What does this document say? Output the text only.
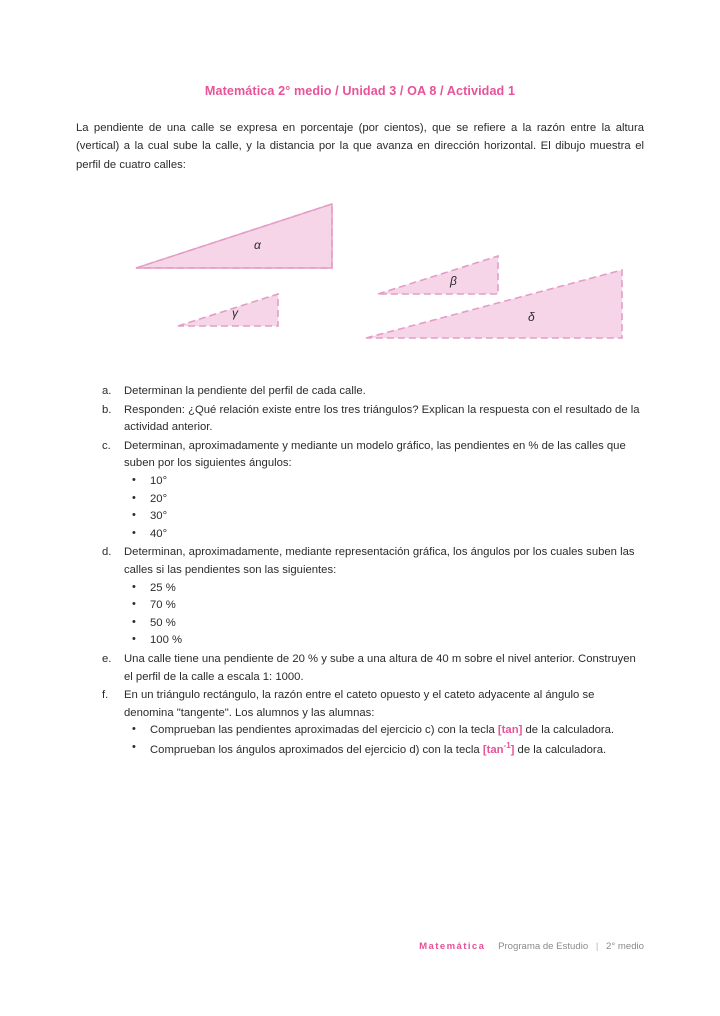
Matemática 2° medio / Unidad 3 / OA 8 / Actividad 1
La pendiente de una calle se expresa en porcentaje (por cientos), que se refiere a la razón entre la altura (vertical) a la cual sube la calle, y la distancia por la que avanza en dirección horizontal. El dibujo muestra el perfil de cuatro calles:
α
β
γ	δ
a.	Determinan la pendiente del perfil de cada calle.
b.	Responden: ¿Qué relación existe entre los tres triángulos? Explican la respuesta con el resultado de la actividad anterior.
c.	Determinan, aproximadamente y mediante un modelo gráfico, las pendientes en % de las calles que suben por los siguientes ángulos:
• 10°
• 20°
• 30°
• 40°
d.	Determinan, aproximadamente, mediante representación gráfica, los ángulos por los cuales suben las calles si las pendientes son las siguientes:
• 25 %
• 70 %
• 50 %
• 100 %
e.	Una calle tiene una pendiente de 20 % y sube a una altura de 40 m sobre el nivel anterior. Construyen el perfil de la calle a escala 1: 1000.
f.	En un triángulo rectángulo, la razón entre el cateto opuesto y el cateto adyacente al ángulo se denomina "tangente". Los alumnos y las alumnas:
• Comprueban las pendientes aproximadas del ejercicio c) con la tecla [tan] de la calculadora.
• Comprueban los ángulos aproximados del ejercicio d) con la tecla $[\tan^{-1}]$ de la calculadora.
Matemática Programa de Estudio | 2° medio
